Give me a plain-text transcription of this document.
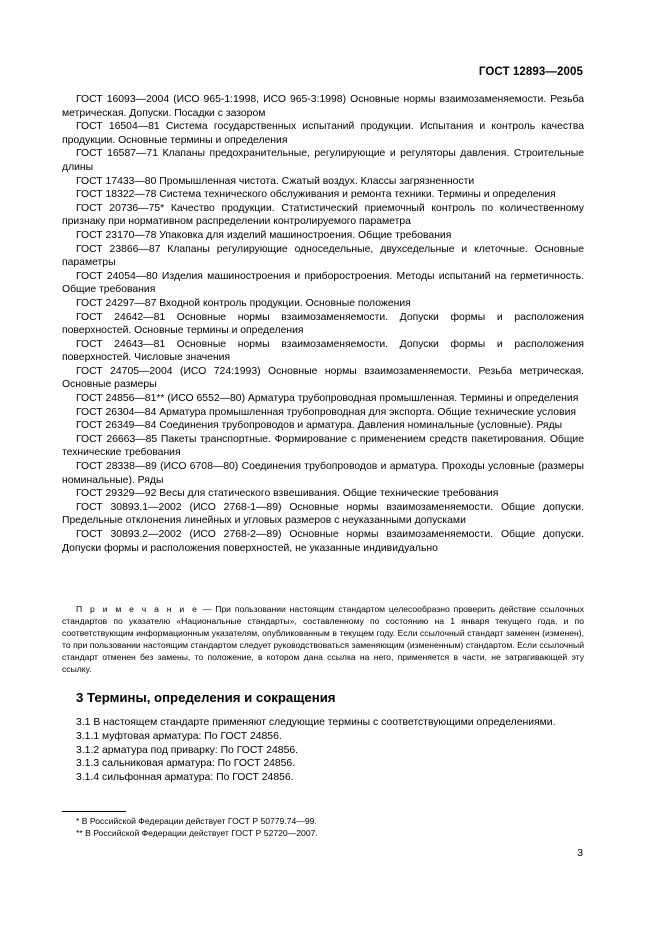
ГОСТ 12893—2005

ГОСТ 16093—2004 (ИСО 965-1:1998, ИСО 965-3:1998) Основные нормы взаимозаменяемости. Резьба метрическая. Допуски. Посадки с зазором

ГОСТ 16504—81 Система государственных испытаний продукции. Испытания и контроль качества продукции. Основные термины и определения

ГОСТ 16587—71 Клапаны предохранительные, регулирующие и регуляторы давления. Строительные длины

ГОСТ 17433—80 Промышленная чистота. Сжатый воздух. Классы загрязненности

ГОСТ 18322—78 Система технического обслуживания и ремонта техники. Термины и определения

ГОСТ 20736—75* Качество продукции. Статистический приемочный контроль по количественному признаку при нормативном распределении контролируемого параметра

ГОСТ 23170—78 Упаковка для изделий машиностроения. Общие требования

ГОСТ 23866—87 Клапаны регулирующие односедельные, двухседельные и клеточные. Основные параметры

ГОСТ 24054—80 Изделия машиностроения и приборостроения. Методы испытаний на герметичность. Общие требования

ГОСТ 24297—87 Входной контроль продукции. Основные положения

ГОСТ 24642—81 Основные нормы взаимозаменяемости. Допуски формы и расположения поверхностей. Основные термины и определения

ГОСТ 24643—81 Основные нормы взаимозаменяемости. Допуски формы и расположения поверхностей. Числовые значения

ГОСТ 24705—2004 (ИСО 724:1993) Основные нормы взаимозаменяемости. Резьба метрическая. Основные размеры

ГОСТ 24856—81** (ИСО 6552—80) Арматура трубопроводная промышленная. Термины и определения

ГОСТ 26304—84 Арматура промышленная трубопроводная для экспорта. Общие технические условия

ГОСТ 26349—84 Соединения трубопроводов и арматура. Давления номинальные (условные). Ряды

ГОСТ 26663—85 Пакеты транспортные. Формирование с применением средств пакетирования. Общие технические требования

ГОСТ 28338—89 (ИСО 6708—80) Соединения трубопроводов и арматура. Проходы условные (размеры номинальные). Ряды

ГОСТ 29329—92 Весы для статического взвешивания. Общие технические требования

ГОСТ 30893.1—2002 (ИСО 2768-1—89) Основные нормы взаимозаменяемости. Общие допуски. Предельные отклонения линейных и угловых размеров с неуказанными допусками

ГОСТ 30893.2—2002 (ИСО 2768-2—89) Основные нормы взаимозаменяемости. Общие допуски. Допуски формы и расположения поверхностей, не указанные индивидуально

П р и м е ч а н и е — При пользовании настоящим стандартом целесообразно проверить действие ссылочных стандартов по указателю «Национальные стандарты», составленному по состоянию на 1 января текущего года, и по соответствующим информационным указателям, опубликованным в текущем году. Если ссылочный стандарт заменен (изменен), то при пользовании настоящим стандартом следует руководствоваться заменяющим (измененным) стандартом. Если ссылочный стандарт отменен без замены, то положение, в котором дана ссылка на него, применяется в части, не затрагивающей эту ссылку.
3 Термины, определения и сокращения

3.1 В настоящем стандарте применяют следующие термины с соответствующими определениями.

3.1.1 муфтовая арматура: По ГОСТ 24856.

3.1.2 арматура под приварку: По ГОСТ 24856.

3.1.3 сальниковая арматура: По ГОСТ 24856.

3.1.4 сильфонная арматура: По ГОСТ 24856.

* В Российской Федерации действует ГОСТ Р 50779.74—99.
** В Российской Федерации действует ГОСТ Р 52720—2007.
3
